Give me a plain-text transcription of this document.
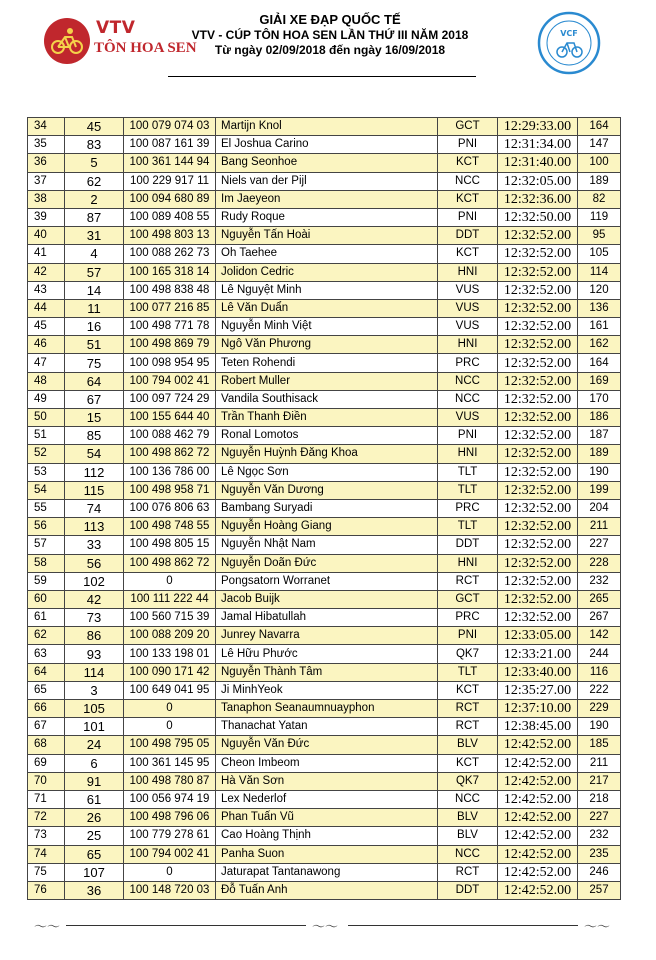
VTV
TÔN HOA SEN
GIẢI XE ĐẠP QUỐC TẾ
VTV - CÚP TÔN HOA SEN LẦN THỨ III NĂM 2018
Từ ngày 02/09/2018 đến ngày 16/09/2018
VCF
34	45	100 079 074 03	Martijn Knol	GCT	12:29:33.00	164
35	83	100 087 161 39	El Joshua Carino	PNI	12:31:34.00	147
36	5	100 361 144 94	Bang Seonhoe	KCT	12:31:40.00	100
37	62	100 229 917 11	Niels van der Pijl	NCC	12:32:05.00	189
38	2	100 094 680 89	Im Jaeyeon	KCT	12:32:36.00	82
39	87	100 089 408 55	Rudy Roque	PNI	12:32:50.00	119
40	31	100 498 803 13	Nguyễn Tấn Hoài	DDT	12:32:52.00	95
41	4	100 088 262 73	Oh Taehee	KCT	12:32:52.00	105
42	57	100 165 318 14	Jolidon Cedric	HNI	12:32:52.00	114
43	14	100 498 838 48	Lê Nguyệt Minh	VUS	12:32:52.00	120
44	11	100 077 216 85	Lê Văn Duẩn	VUS	12:32:52.00	136
45	16	100 498 771 78	Nguyễn Minh Việt	VUS	12:32:52.00	161
46	51	100 498 869 79	Ngô Văn Phương	HNI	12:32:52.00	162
47	75	100 098 954 95	Teten Rohendi	PRC	12:32:52.00	164
48	64	100 794 002 41	Robert Muller	NCC	12:32:52.00	169
49	67	100 097 724 29	Vandila Southisack	NCC	12:32:52.00	170
50	15	100 155 644 40	Trần Thanh Điền	VUS	12:32:52.00	186
51	85	100 088 462 79	Ronal Lomotos	PNI	12:32:52.00	187
52	54	100 498 862 72	Nguyễn Huỳnh Đăng Khoa	HNI	12:32:52.00	189
53	112	100 136 786 00	Lê Ngọc Sơn	TLT	12:32:52.00	190
54	115	100 498 958 71	Nguyễn Văn Dương	TLT	12:32:52.00	199
55	74	100 076 806 63	Bambang Suryadi	PRC	12:32:52.00	204
56	113	100 498 748 55	Nguyễn Hoàng Giang	TLT	12:32:52.00	211
57	33	100 498 805 15	Nguyễn Nhật Nam	DDT	12:32:52.00	227
58	56	100 498 862 72	Nguyễn Doãn Đức	HNI	12:32:52.00	228
59	102	0	Pongsatorn Worranet	RCT	12:32:52.00	232
60	42	100 111 222 44	Jacob Buijk	GCT	12:32:52.00	265
61	73	100 560 715 39	Jamal Hibatullah	PRC	12:32:52.00	267
62	86	100 088 209 20	Junrey Navarra	PNI	12:33:05.00	142
63	93	100 133 198 01	Lê Hữu Phước	QK7	12:33:21.00	244
64	114	100 090 171 42	Nguyễn Thành Tâm	TLT	12:33:40.00	116
65	3	100 649 041 95	Ji MinhYeok	KCT	12:35:27.00	222
66	105	0	Tanaphon Seanaumnuayphon	RCT	12:37:10.00	229
67	101	0	Thanachat Yatan	RCT	12:38:45.00	190
68	24	100 498 795 05	Nguyễn Văn Đức	BLV	12:42:52.00	185
69	6	100 361 145 95	Cheon Imbeom	KCT	12:42:52.00	211
70	91	100 498 780 87	Hà Văn Sơn	QK7	12:42:52.00	217
71	61	100 056 974 19	Lex Nederlof	NCC	12:42:52.00	218
72	26	100 498 796 06	Phan Tuấn Vũ	BLV	12:42:52.00	227
73	25	100 779 278 61	Cao Hoàng Thịnh	BLV	12:42:52.00	232
74	65	100 794 002 41	Panha Suon	NCC	12:42:52.00	235
75	107	0	Jaturapat Tantanawong	RCT	12:42:52.00	246
76	36	100 148 720 03	Đỗ Tuấn Anh	DDT	12:42:52.00	257
～～	～～	～～
